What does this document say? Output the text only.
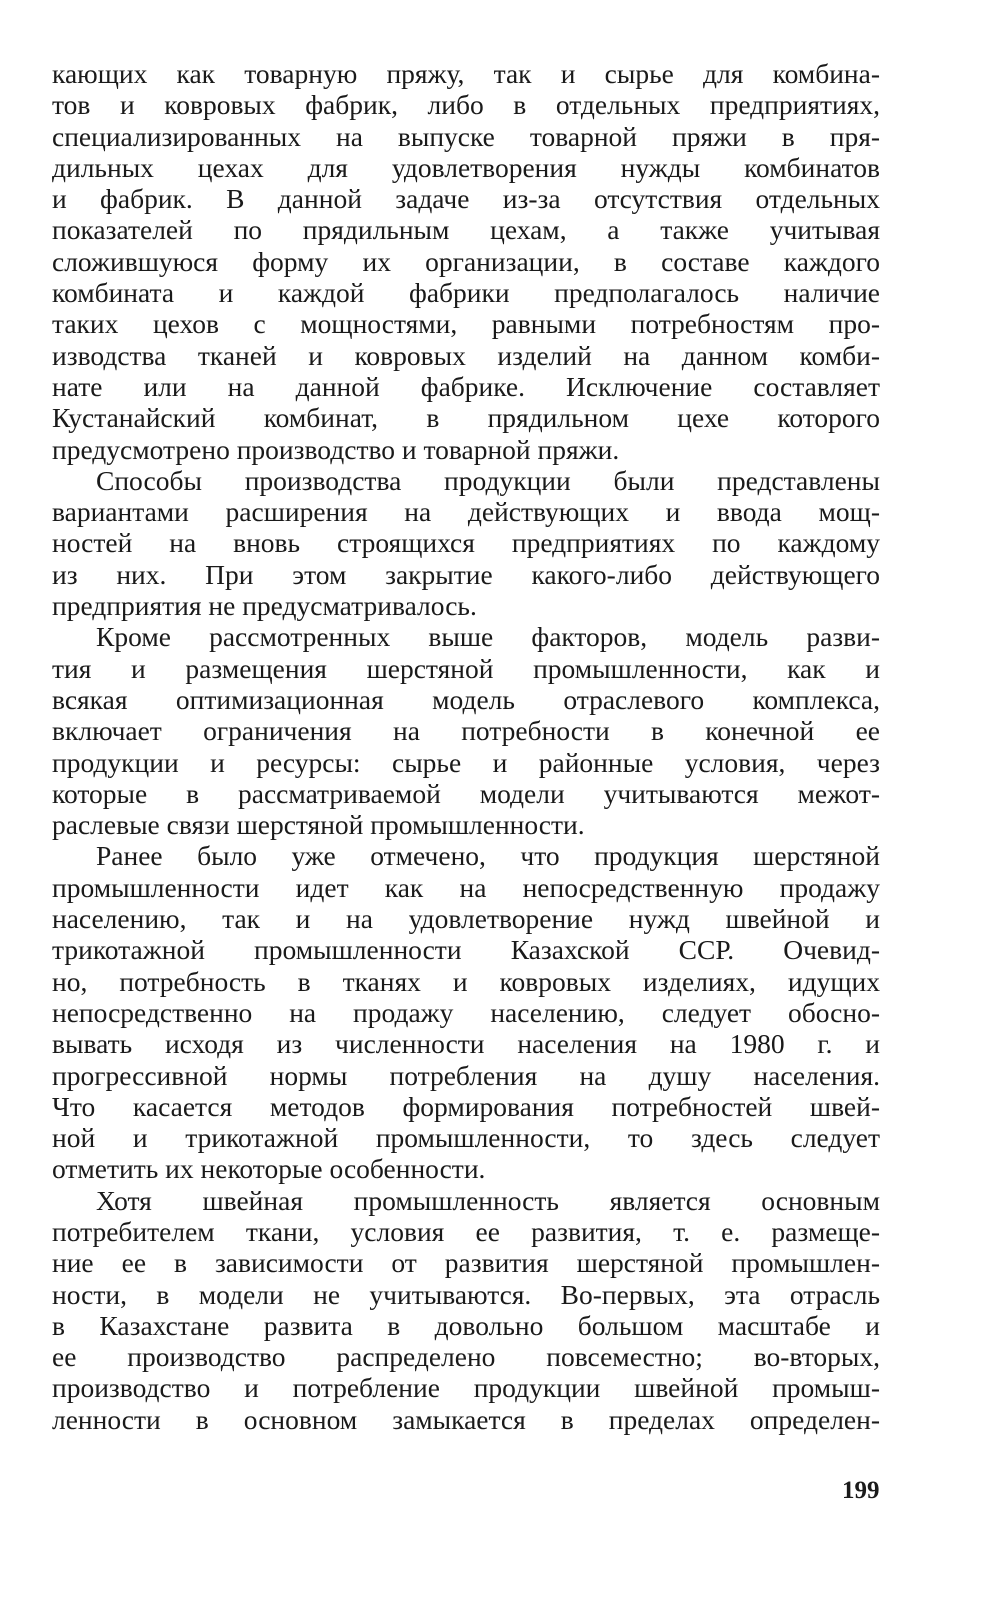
кающих как товарную пряжу, так и сырье для комбина-
тов и ковровых фабрик, либо в отдельных предприятиях,
специализированных на выпуске товарной пряжи в пря-
дильных цехах для удовлетворения нужды комбинатов
и фабрик. В данной задаче из-за отсутствия отдельных
показателей по прядильным цехам, а также учитывая
сложившуюся форму их организации, в составе каждого
комбината и каждой фабрики предполагалось наличие
таких цехов с мощностями, равными потребностям про-
изводства тканей и ковровых изделий на данном комби-
нате или на данной фабрике. Исключение составляет
Кустанайский комбинат, в прядильном цехе которого
предусмотрено производство и товарной пряжи.
Способы производства продукции были представлены
вариантами расширения на действующих и ввода мощ-
ностей на вновь строящихся предприятиях по каждому
из них. При этом закрытие какого-либо действующего
предприятия не предусматривалось.
Кроме рассмотренных выше факторов, модель разви-
тия и размещения шерстяной промышленности, как и
всякая оптимизационная модель отраслевого комплекса,
включает ограничения на потребности в конечной ее
продукции и ресурсы: сырье и районные условия, через
которые в рассматриваемой модели учитываются межот-
раслевые связи шерстяной промышленности.
Ранее было уже отмечено, что продукция шерстяной
промышленности идет как на непосредственную продажу
населению, так и на удовлетворение нужд швейной и
трикотажной промышленности Казахской ССР. Очевид-
но, потребность в тканях и ковровых изделиях, идущих
непосредственно на продажу населению, следует обосно-
вывать исходя из численности населения на 1980 г. и
прогрессивной нормы потребления на душу населения.
Что касается методов формирования потребностей швей-
ной и трикотажной промышленности, то здесь следует
отметить их некоторые особенности.
Хотя швейная промышленность является основным
потребителем ткани, условия ее развития, т. е. размеще-
ние ее в зависимости от развития шерстяной промышлен-
ности, в модели не учитываются. Во-первых, эта отрасль
в Казахстане развита в довольно большом масштабе и
ее производство распределено повсеместно; во-вторых,
производство и потребление продукции швейной промыш-
ленности в основном замыкается в пределах определен-
199
